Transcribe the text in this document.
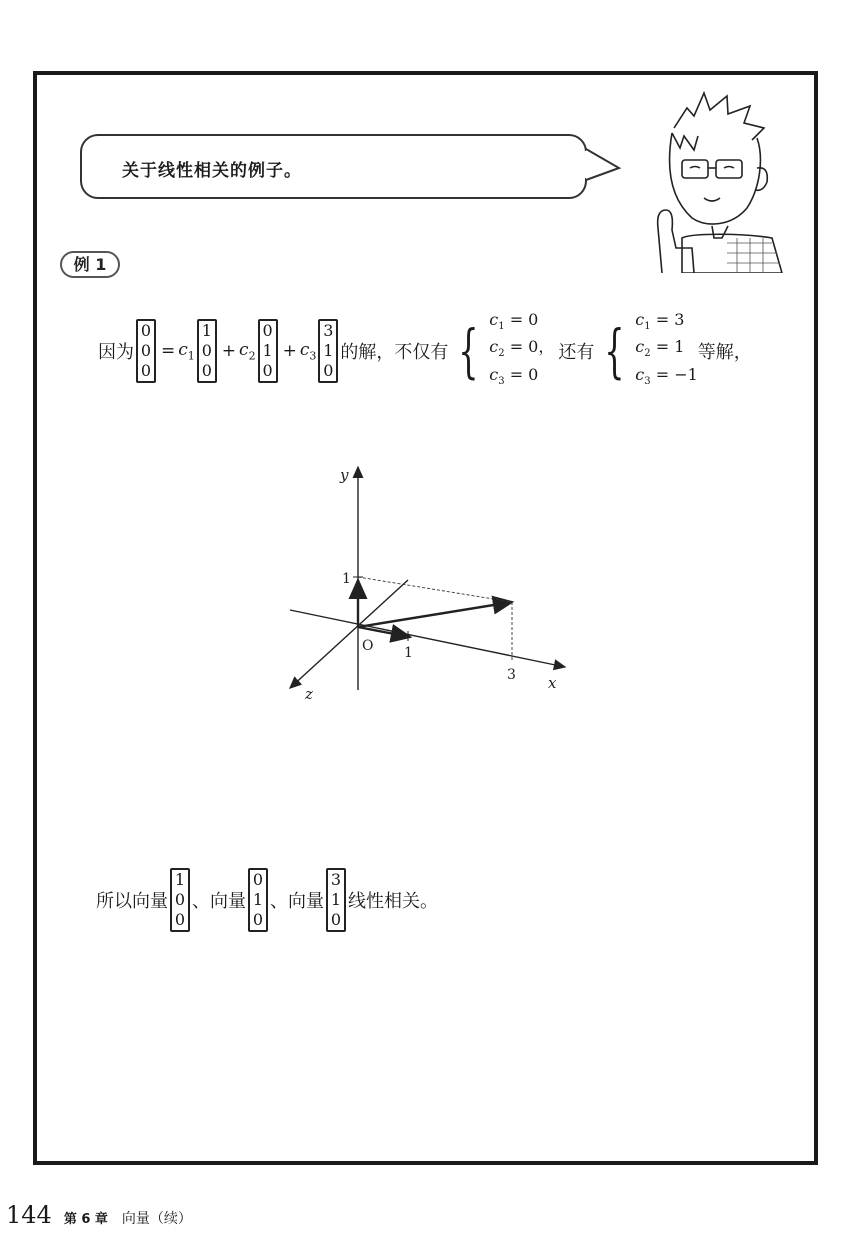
关于线性相关的例子。
例 1
因为
0
0
0
= $c_1$
1
0
0
+ $c_2$
0
1
0
+ $c_3$
3
1
0
的解，不仅有 { $c_1 = 0$
$c_2 = 0$，
$c_3 = 0$
还有 { $c_1 = 3$
$c_2 = 1$
$c_3 = -1$
等解，
y
x
z
O 1
1
3
所以向量
1
0
0
、向量
0
1
0
、向量
3
1
0
线性相关。
144 第 6 章 向量（续）
